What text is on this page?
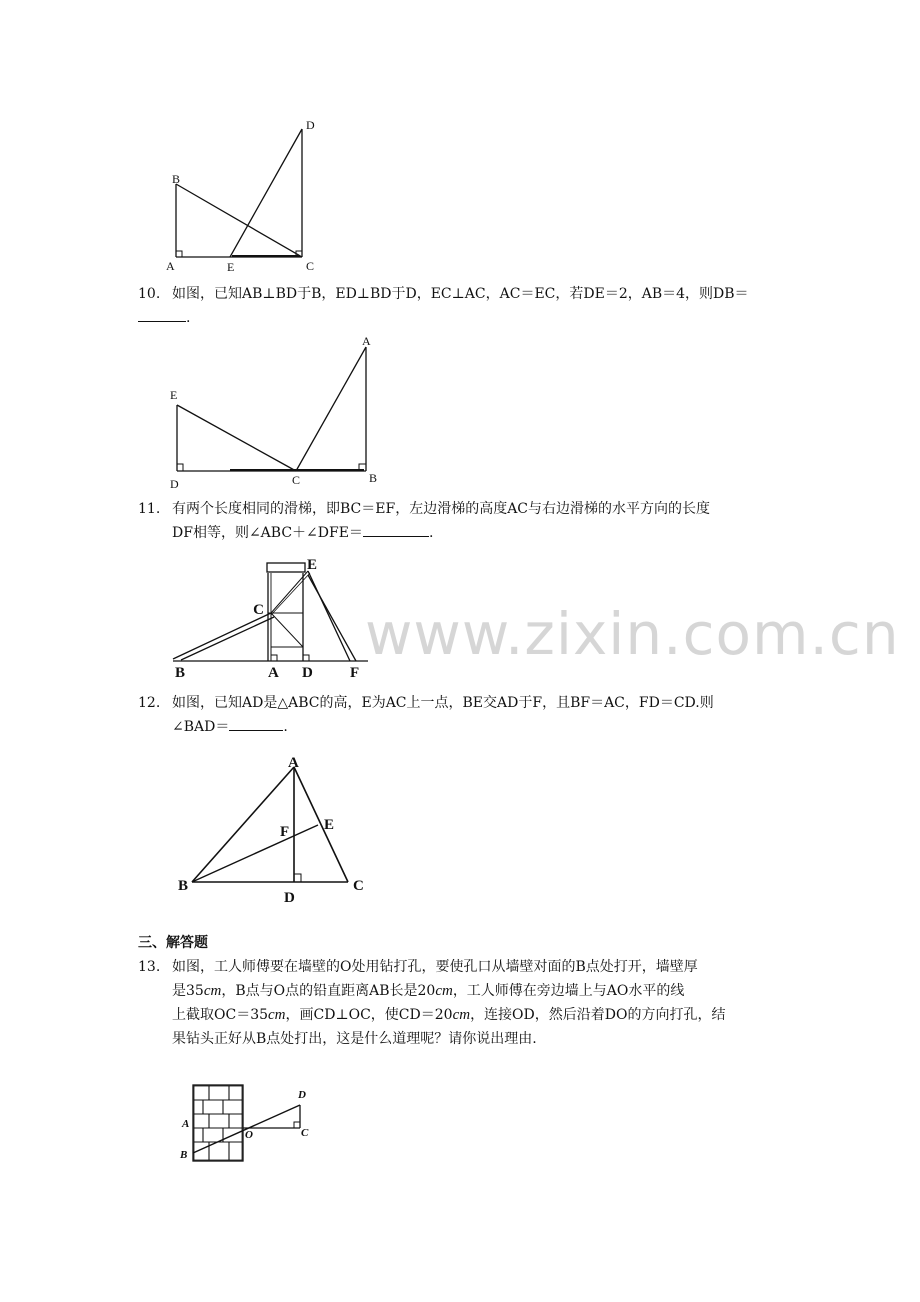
B
D
A	E	C

10. 如图，已知AB⊥BD于B，ED⊥BD于D，EC⊥AC，AC＝EC，若DE＝2，AB＝4，则DB＝
.

E
A
D	C	B

11. 有两个长度相同的滑梯，即BC＝EF，左边滑梯的高度AC与右边滑梯的水平方向的长度

DF相等，则∠ABC＋∠DFE＝	.

www.zixin.com.cn
C
E
B	A D F

12. 如图，已知AD是△ABC的高，E为AC上一点，BE交AD于F，且BF＝AC，FD＝CD.则

∠BAD＝	.

A
F E
B
D
C

三、解答题

13. 如图，工人师傅要在墙壁的O处用钻打孔，要使孔口从墙壁对面的B点处打开，墙壁厚

是35cm，B点与O点的铅直距离AB长是20cm，工人师傅在旁边墙上与AO水平的线
上截取OC＝35cm，画CD⊥OC，使CD＝20cm，连接OD，然后沿着DO的方向打孔，结
果钻头正好从B点处打出，这是什么道理呢？请你说出理由.

A
B
O
D
C
